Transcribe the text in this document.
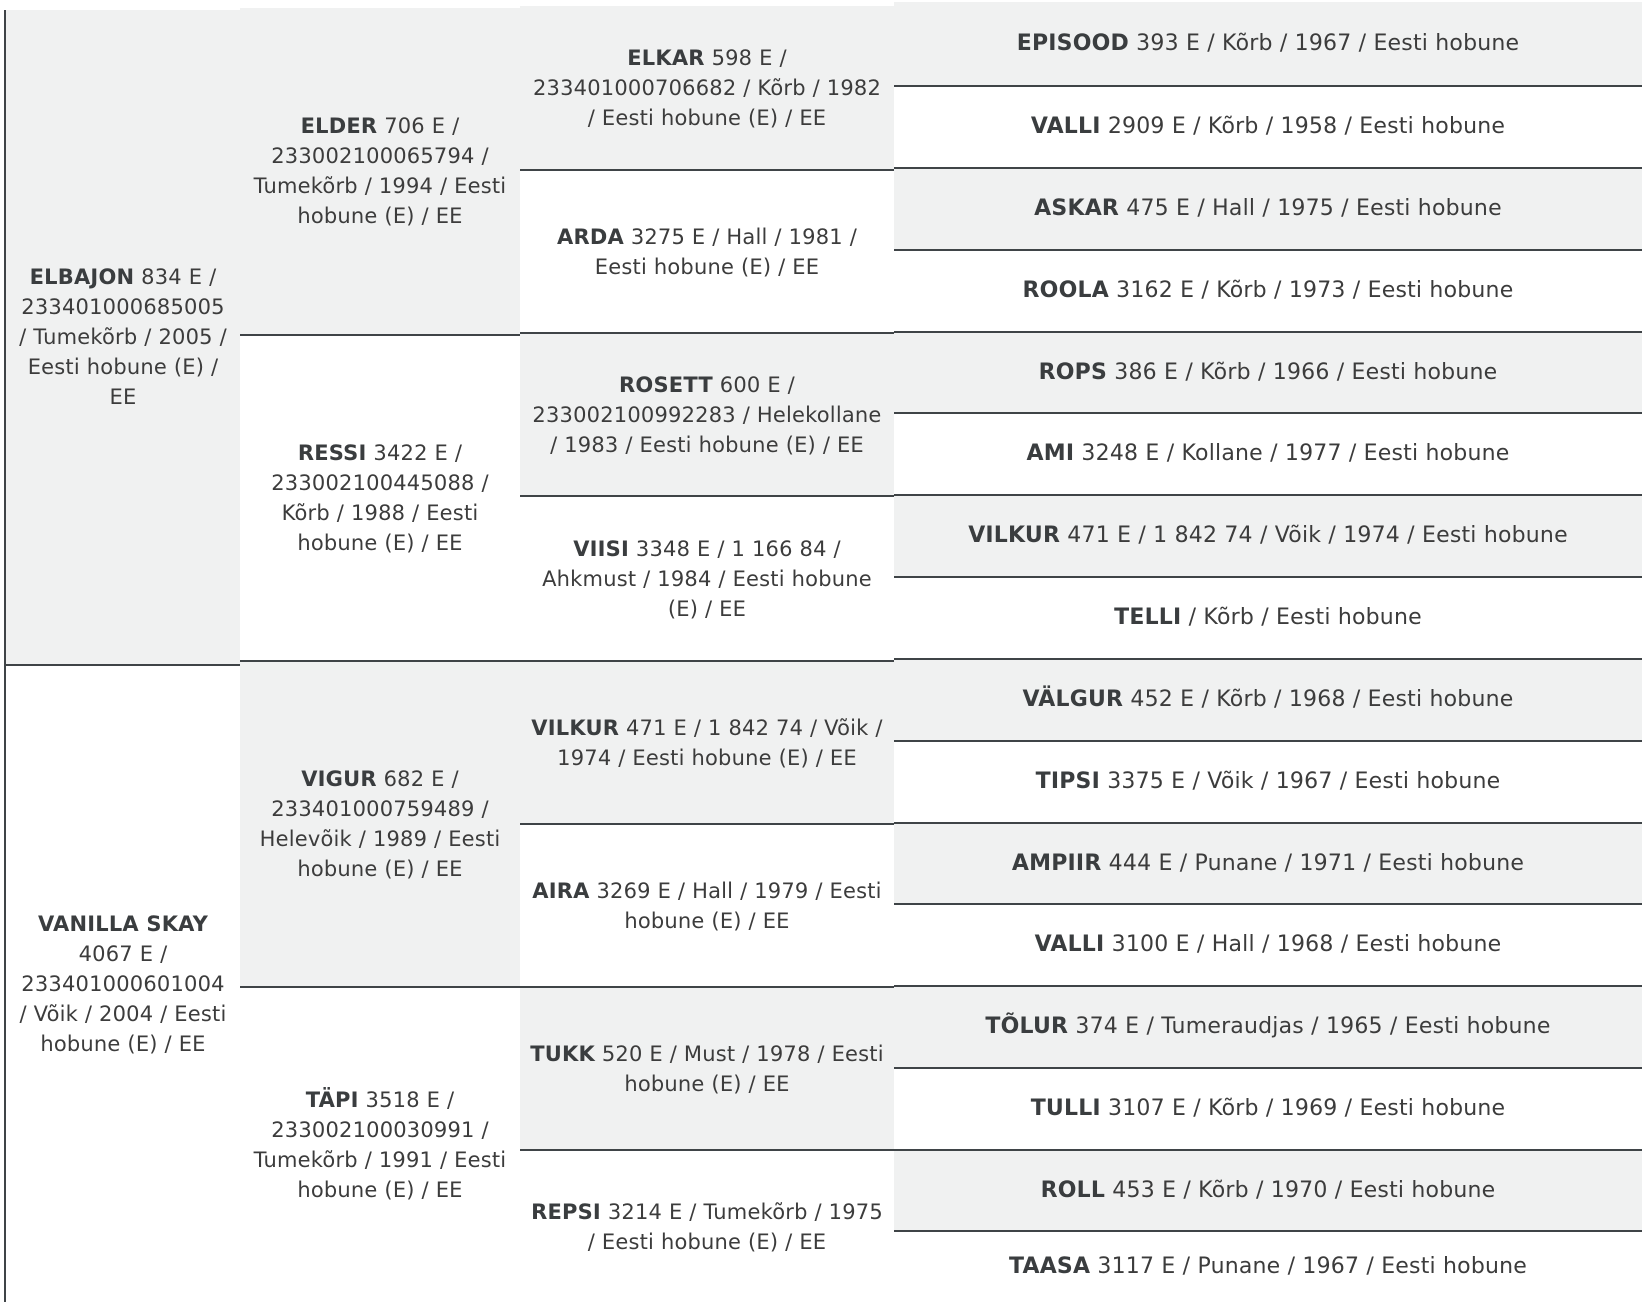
ELBAJON 834 E / 233401000685005 / Tumekõrb / 2005 / Eesti hobune (E) / EE
VANILLA SKAY 4067 E / 233401000601004 / Võik / 2004 / Eesti hobune (E) / EE
ELDER 706 E / 233002100065794 / Tumekõrb / 1994 / Eesti hobune (E) / EE
RESSI 3422 E / 233002100445088 / Kõrb / 1988 / Eesti hobune (E) / EE
VIGUR 682 E / 233401000759489 / Helevõik / 1989 / Eesti hobune (E) / EE
TÄPI 3518 E / 233002100030991 / Tumekõrb / 1991 / Eesti hobune (E) / EE
ELKAR 598 E / 233401000706682 / Kõrb / 1982 / Eesti hobune (E) / EE
ARDA 3275 E / Hall / 1981 / Eesti hobune (E) / EE
ROSETT 600 E / 233002100992283 / Helekollane / 1983 / Eesti hobune (E) / EE
VIISI 3348 E / 1 166 84 / Ahkmust / 1984 / Eesti hobune (E) / EE
VILKUR 471 E / 1 842 74 / Võik / 1974 / Eesti hobune (E) / EE
AIRA 3269 E / Hall / 1979 / Eesti hobune (E) / EE
TUKK 520 E / Must / 1978 / Eesti hobune (E) / EE
REPSI 3214 E / Tumekõrb / 1975 / Eesti hobune (E) / EE
EPISOOD 393 E / Kõrb / 1967 / Eesti hobune
VALLI 2909 E / Kõrb / 1958 / Eesti hobune
ASKAR 475 E / Hall / 1975 / Eesti hobune
ROOLA 3162 E / Kõrb / 1973 / Eesti hobune
ROPS 386 E / Kõrb / 1966 / Eesti hobune
AMI 3248 E / Kollane / 1977 / Eesti hobune
VILKUR 471 E / 1 842 74 / Võik / 1974 / Eesti hobune
TELLI / Kõrb / Eesti hobune
VÄLGUR 452 E / Kõrb / 1968 / Eesti hobune
TIPSI 3375 E / Võik / 1967 / Eesti hobune
AMPIIR 444 E / Punane / 1971 / Eesti hobune
VALLI 3100 E / Hall / 1968 / Eesti hobune
TÕLUR 374 E / Tumeraudjas / 1965 / Eesti hobune
TULLI 3107 E / Kõrb / 1969 / Eesti hobune
ROLL 453 E / Kõrb / 1970 / Eesti hobune
TAASA 3117 E / Punane / 1967 / Eesti hobune
